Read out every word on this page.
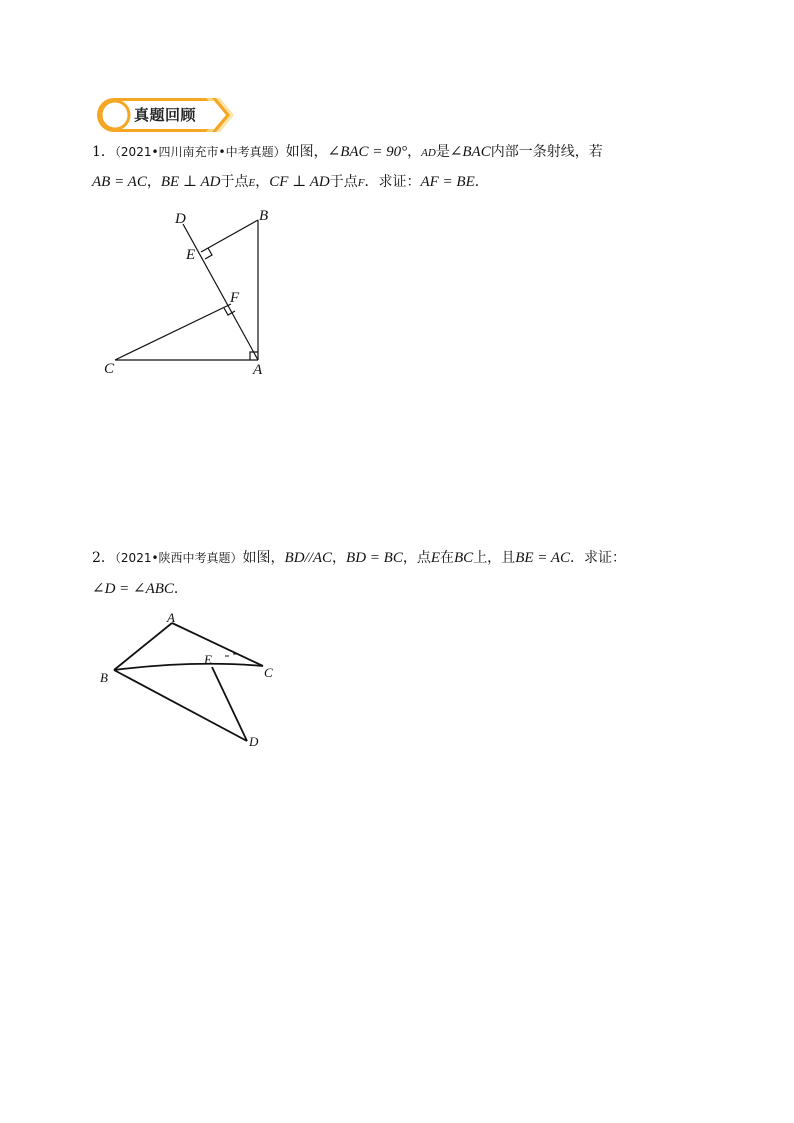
真题回顾
1．（2021•四川南充市•中考真题）如图，∠BAC = 90°，AD是∠BAC内部一条射线，若
AB = AC，BE ⊥ AD于点E，CF ⊥ AD于点F．求证：AF = BE．
D	B
E
F
C	A
2．（2021•陕西中考真题）如图，BD//AC，BD = BC，点E在BC上，且BE = AC．求证：
∠D = ∠ABC．
A
B
E
C
D
